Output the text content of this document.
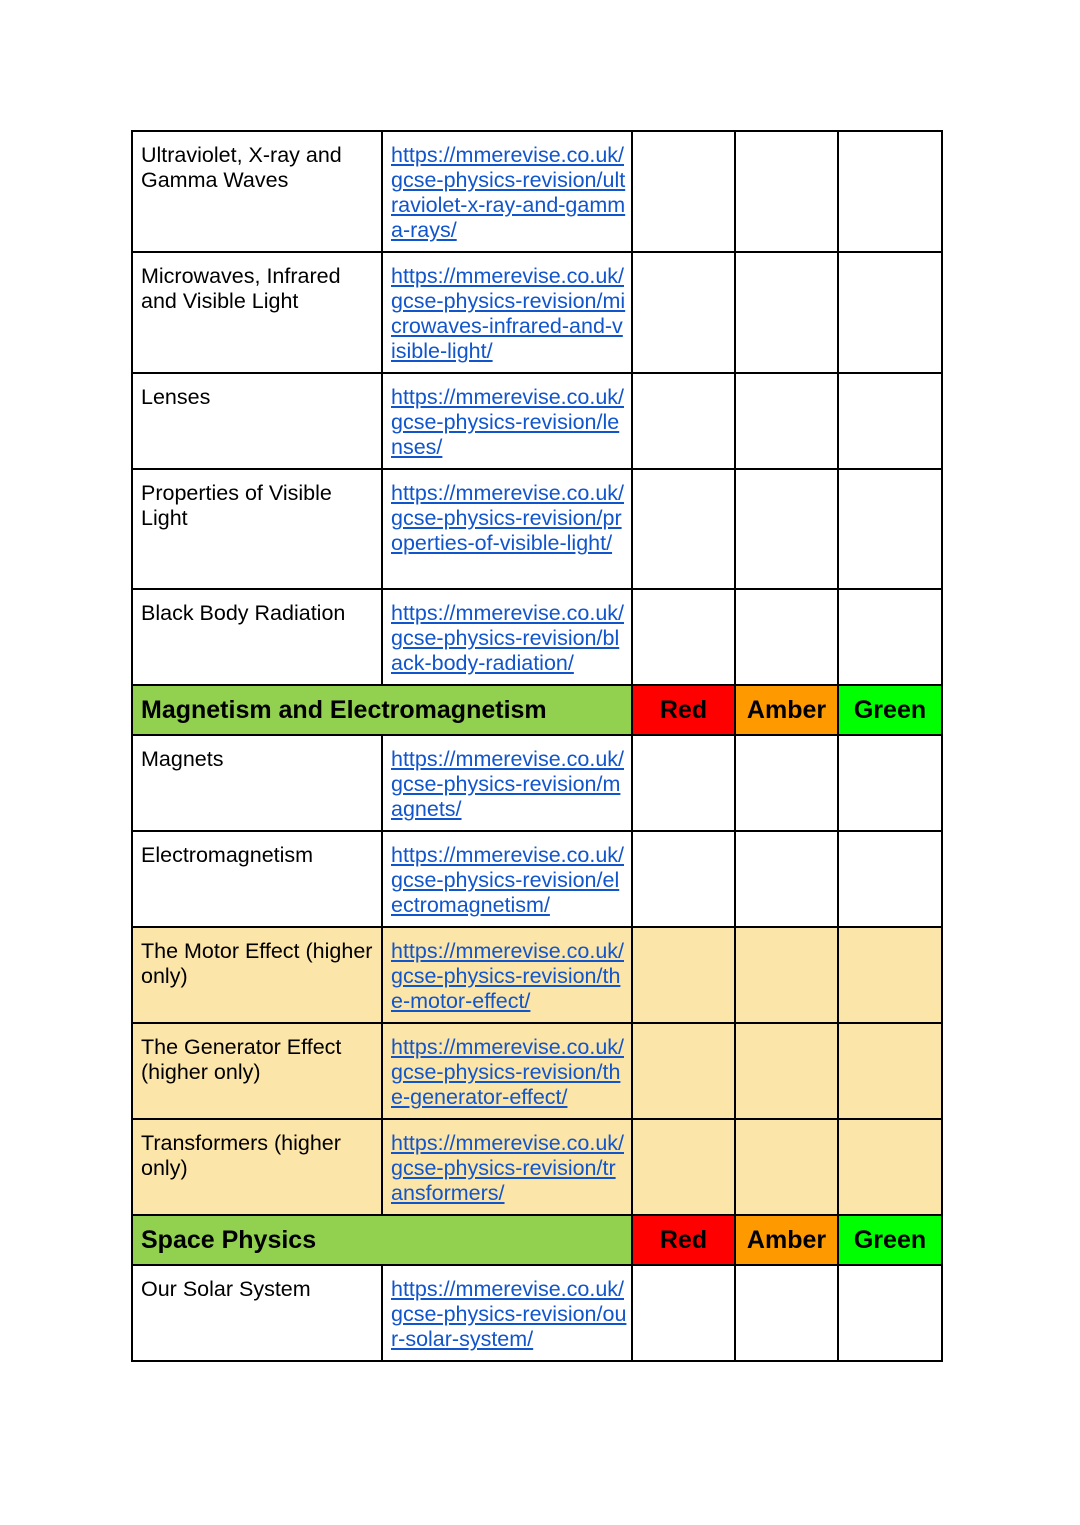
Ultraviolet, X-ray and Gamma Waves	https://mmerevise.co.uk/gcse-physics-revision/ultraviolet-x-ray-and-gamma-rays/			
Microwaves, Infrared and Visible Light	https://mmerevise.co.uk/gcse-physics-revision/microwaves-infrared-and-visible-light/			
Lenses	https://mmerevise.co.uk/gcse-physics-revision/lenses/			
Properties of Visible Light	https://mmerevise.co.uk/gcse-physics-revision/properties-of-visible-light/			
Black Body Radiation	https://mmerevise.co.uk/gcse-physics-revision/black-body-radiation/			
Magnetism and Electromagnetism		Red	Amber	Green
Magnets	https://mmerevise.co.uk/gcse-physics-revision/magnets/			
Electromagnetism	https://mmerevise.co.uk/gcse-physics-revision/electromagnetism/			
The Motor Effect (higher only)	https://mmerevise.co.uk/gcse-physics-revision/the-motor-effect/			
The Generator Effect (higher only)	https://mmerevise.co.uk/gcse-physics-revision/the-generator-effect/			
Transformers (higher only)	https://mmerevise.co.uk/gcse-physics-revision/transformers/			
Space Physics		Red	Amber	Green
Our Solar System	https://mmerevise.co.uk/gcse-physics-revision/our-solar-system/			
